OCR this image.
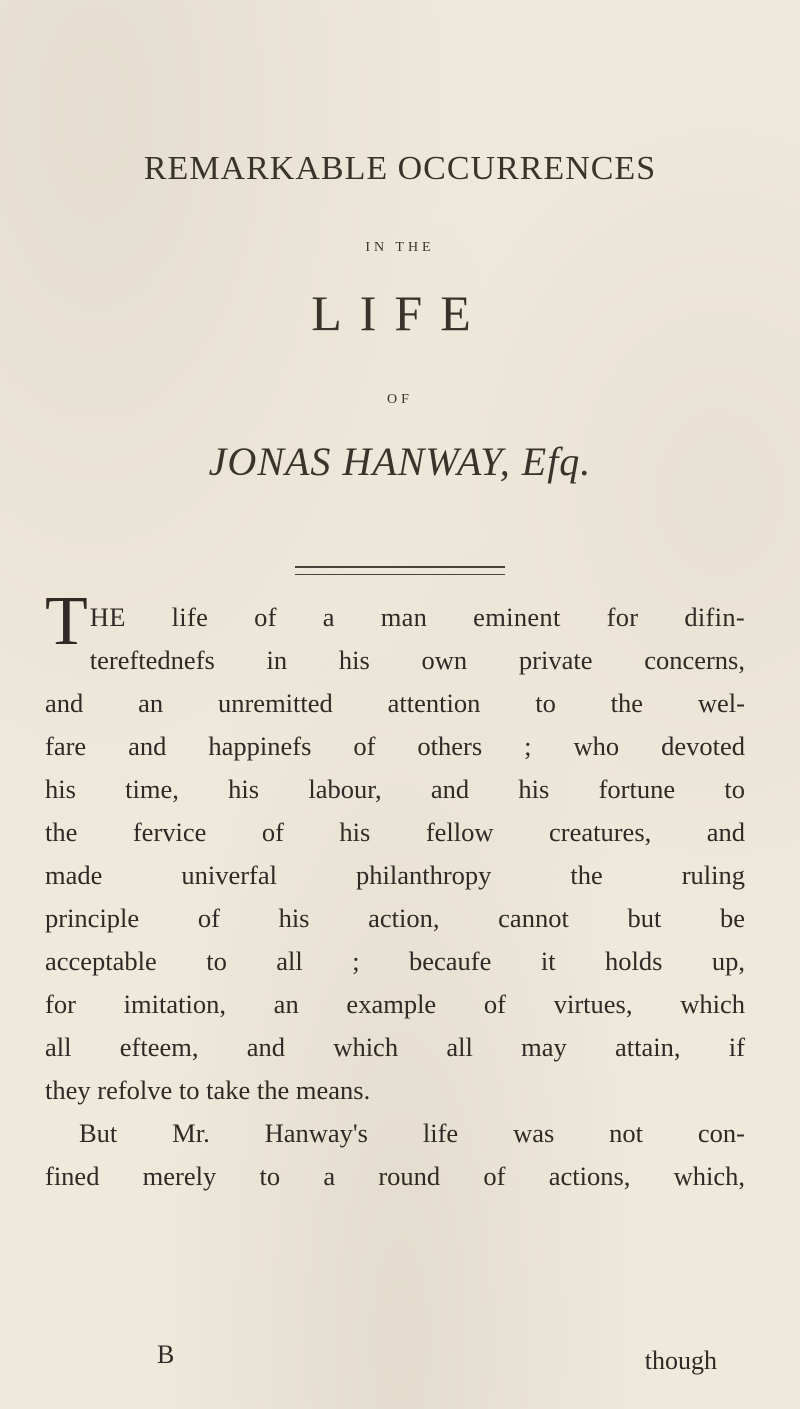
REMARKABLE OCCURRENCES
IN THE
LIFE
OF
JONAS HANWAY, Efq.
T HE life of a man eminent for difin-
tereftednefs in his own private concerns,
and an unremitted attention to the wel-
fare and happinefs of others ; who devoted
his time, his labour, and his fortune to
the fervice of his fellow creatures, and
made univerfal philanthropy the ruling
principle of his action, cannot but be
acceptable to all ; becaufe it holds up,
for imitation, an example of virtues, which
all efteem, and which all may attain, if
they refolve to take the means.
But Mr. Hanway's life was not con-
fined merely to a round of actions, which,
B	though
